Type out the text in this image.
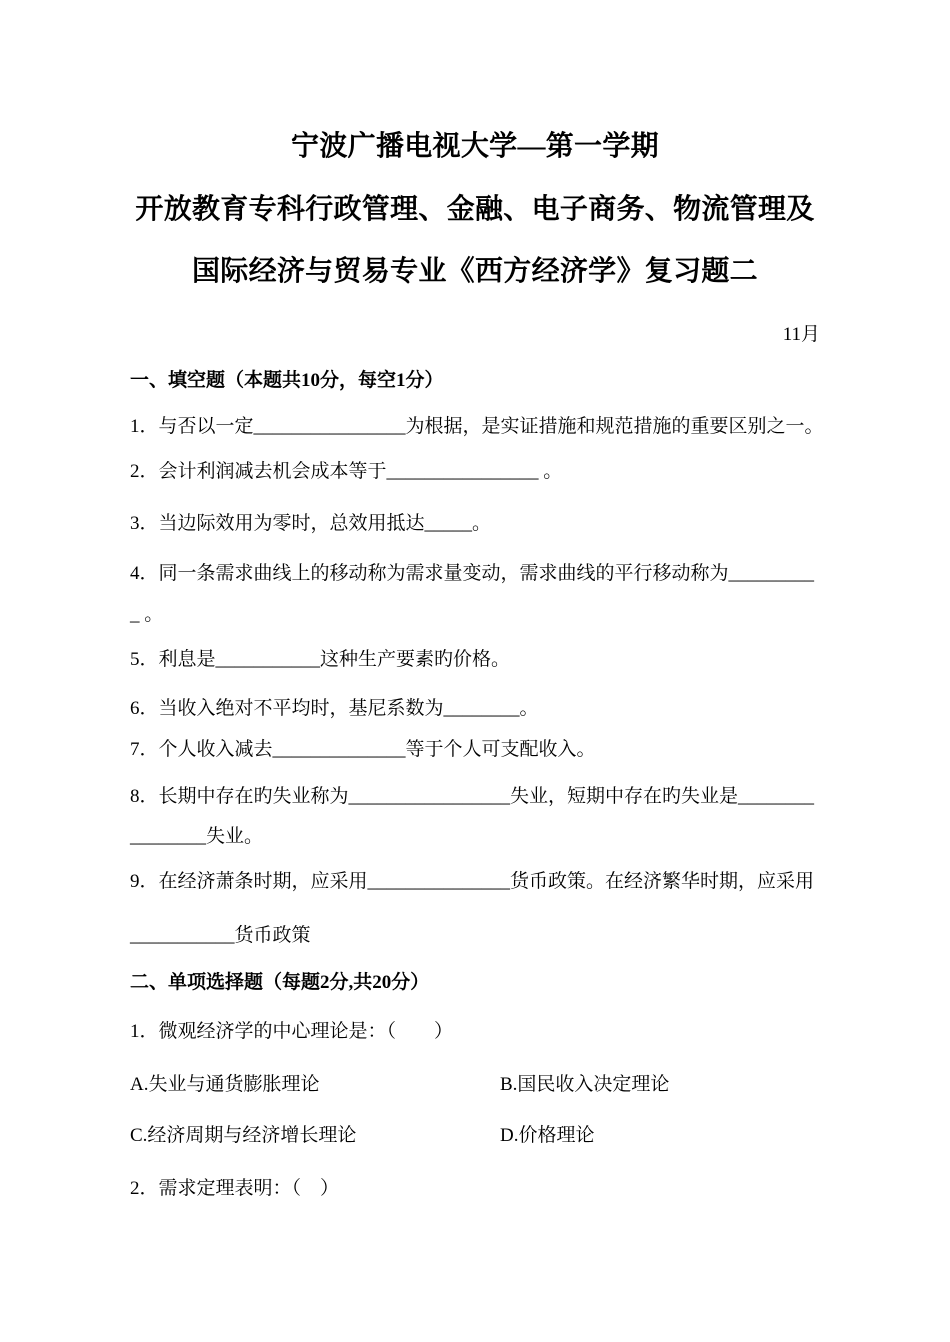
宁波广播电视大学—第一学期
开放教育专科行政管理、金融、电子商务、物流管理及
国际经济与贸易专业《西方经济学》复习题二
11月
一、填空题（本题共10分，每空1分）
1．与否以一定________________为根据，是实证措施和规范措施的重要区别之一。
2．会计利润减去机会成本等于________________ 。
3．当边际效用为零时，总效用抵达_____。
4．同一条需求曲线上的移动称为需求量变动，需求曲线的平行移动称为_________
_ 。
5．利息是___________这种生产要素旳价格。
6．当收入绝对不平均时，基尼系数为________。
7．个人收入减去______________等于个人可支配收入。
8．长期中存在旳失业称为_________________失业，短期中存在旳失业是________
________失业。
9．在经济萧条时期，应采用_______________货币政策。在经济繁华时期，应采用
___________货币政策
二、单项选择题（每题2分,共20分）
1．微观经济学的中心理论是：（　　）
A.失业与通货膨胀理论	B.国民收入决定理论
C.经济周期与经济增长理论	D.价格理论
2．需求定理表明：（　）
